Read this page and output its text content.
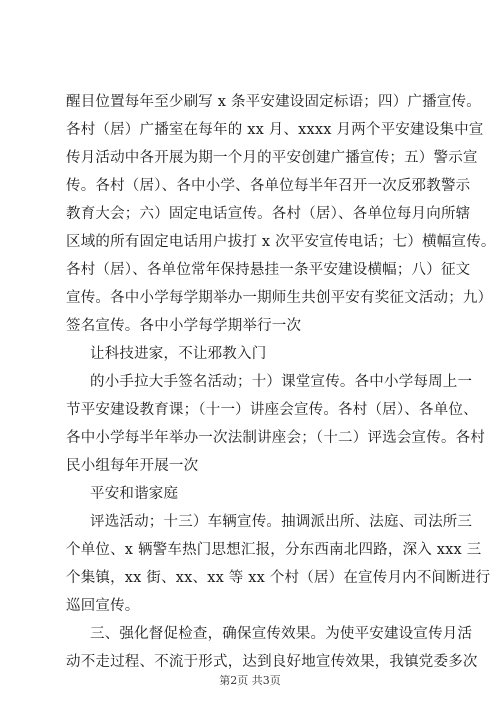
醒目位置每年至少刷写 x 条平安建设固定标语；四）广播宣传。
各村（居）广播室在每年的 xx 月、xxxx 月两个平安建设集中宣
传月活动中各开展为期一个月的平安创建广播宣传；五）警示宣
传。各村（居）、各中小学、各单位每半年召开一次反邪教警示
教育大会；六）固定电话宣传。各村（居）、各单位每月向所辖
区域的所有固定电话用户拔打 x 次平安宣传电话；七）横幅宣传。
各村（居）、各单位常年保持悬挂一条平安建设横幅；八）征文
宣传。各中小学每学期举办一期师生共创平安有奖征文活动；九）
签名宣传。各中小学每学期举行一次
让科技进家，不让邪教入门
的小手拉大手签名活动；十）课堂宣传。各中小学每周上一
节平安建设教育课；（十一）讲座会宣传。各村（居）、各单位、
各中小学每半年举办一次法制讲座会；（十二）评选会宣传。各村
民小组每年开展一次
平安和谐家庭
评选活动；十三）车辆宣传。抽调派出所、法庭、司法所三
个单位、x 辆警车热门思想汇报，分东西南北四路，深入 xxx 三
个集镇，xx 街、xx、xx 等 xx 个村（居）在宣传月内不间断进行
巡回宣传。
三、强化督促检查，确保宣传效果。为使平安建设宣传月活
动不走过程、不流于形式，达到良好地宣传效果，我镇党委多次
第2页 共3页
